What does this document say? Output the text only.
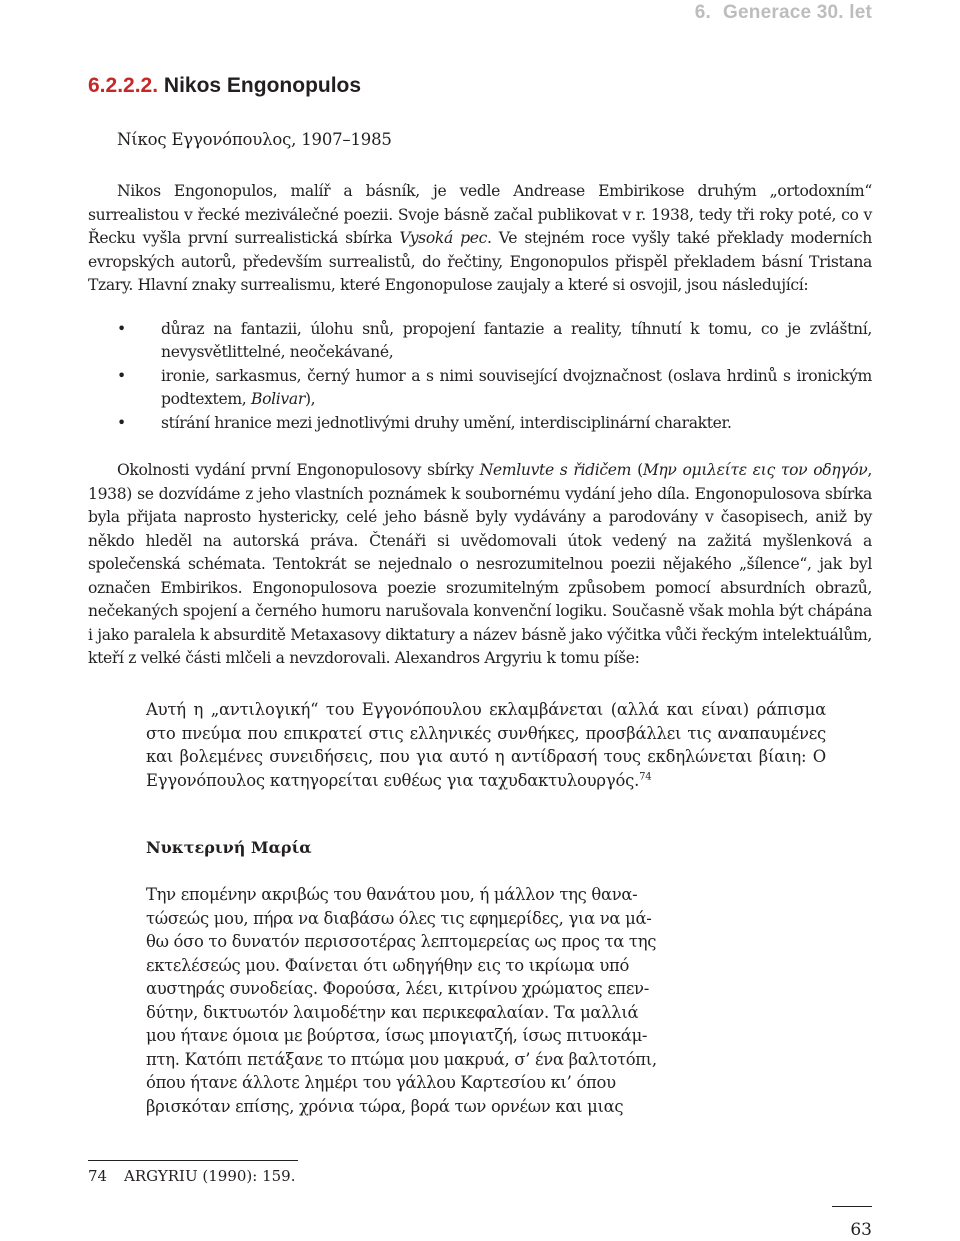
6. Generace 30. let
6.2.2.2. Nikos Engonopulos
Νίκος Εγγονόπουλος, 1907–1985

Nikos Engonopulos, malíř a básník, je vedle Andrease Embirikose druhým „ortodoxním“ surrealistou v řecké meziválečné poezii. Svoje básně začal publikovat v r. 1938, tedy tři roky poté, co v Řecku vyšla první surrealistická sbírka Vysoká pec. Ve stejném roce vyšly také překlady moderních evropských autorů, především surrealistů, do řečtiny, Engonopulos přispěl překladem básní Tristana Tzary. Hlavní znaky surrealismu, které Engonopulose zaujaly a které si osvojil, jsou následující:

• důraz na fantazii, úlohu snů, propojení fantazie a reality, tíhnutí k tomu, co je zvláštní, nevysvětlittelné, neočekávané,
• ironie, sarkasmus, černý humor a s nimi související dvojznačnost (oslava hrdinů s ironickým podtextem, Bolivar),
• stírání hranice mezi jednotlivými druhy umění, interdisciplinární charakter.

Okolnosti vydání první Engonopulosovy sbírky Nemluvte s řidičem (Μην ομιλείτε εις τον οδηγόν, 1938) se dozvídáme z jeho vlastních poznámek k soubornému vydání jeho díla. Engonopulosova sbírka byla přijata naprosto hystericky, celé jeho básně byly vydávány a parodovány v časopisech, aniž by někdo hleděl na autorská práva. Čtenáři si uvědomovali útok vedený na zažitá myšlenková a společenská schémata. Tentokrát se nejednalo o nesrozumitelnou poezii nějakého „šílence“, jak byl označen Embirikos. Engonopulosova poezie srozumitelným způsobem pomocí absurdních obrazů, nečekaných spojení a černého humoru narušovala konvenční logiku. Současně však mohla být chápána i jako paralela k absurditě Metaxasovy diktatury a název básně jako výčitka vůči řeckým intelektuálům, kteří z velké části mlčeli a nevzdorovali. Alexandros Argyriu k tomu píše:

Αυτή η „αντιλογική“ του Εγγονόπουλου εκλαμβάνεται (αλλά και είναι) ράπισμα στο πνεύμα που επικρατεί στις ελληνικές συνθήκες, προσβάλλει τις αναπαυμένες και βολεμένες συνειδήσεις, που για αυτό η αντίδρασή τους εκδηλώνεται βίαιη: Ο Εγγονόπουλος κατηγορείται ευθέως για ταχυδακτυλουργός.$^{74}$
Νυκτερινή Μαρία
Την επομένην ακριβώς του θανάτου μου, ή μάλλον της θανα-
τώσεώς μου, πήρα να διαβάσω όλες τις εφημερίδες, για να μά-
θω όσο το δυνατόν περισσοτέρας λεπτομερείας ως προς τα της
εκτελέσεώς μου. Φαίνεται ότι ωδηγήθην εις το ικρίωμα υπό
αυστηράς συνοδείας. Φορούσα, λέει, κιτρίνου χρώματος επεν-
δύτην, δικτυωτόν λαιμοδέτην και περικεφαλαίαν. Τα μαλλιά
μου ήτανε όμοια με βούρτσα, ίσως μπογιατζή, ίσως πιτυοκάμ-
πτη. Κατόπι πετάξανε το πτώμα μου μακρυά, σ’ ένα βαλτοτόπι,
όπου ήτανε άλλοτε λημέρι του γάλλου Καρτεσίου κι’ όπου
βρισκόταν επίσης, χρόνια τώρα, βορά των ορνέων και μιας
74 ARGYRIU (1990): 159.
63
